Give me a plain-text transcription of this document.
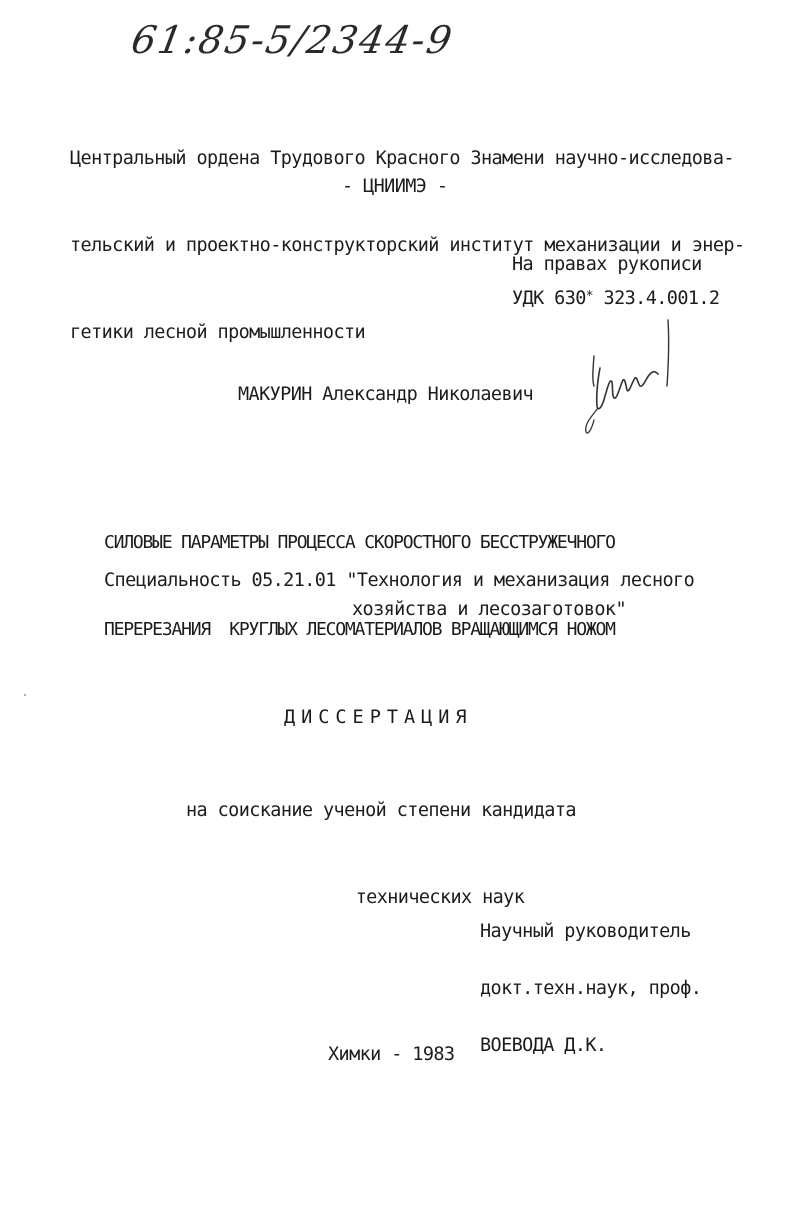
61:85-5/2344-9

Центральный ордена Трудового Красного Знамени научно-исследова-

тельский и проектно-конструкторский институт механизации и энер-

гетики лесной промышленности

- ЦНИИМЭ -
На правах рукописи
УДК 630* 323.4.001.2
МАКУРИН Александр Николаевич

СИЛОВЫЕ ПАРАМЕТРЫ ПРОЦЕССА СКОРОСТНОГО БЕССТРУЖЕЧНОГО

ПЕРЕРЕЗАНИЯ  КРУГЛЫХ ЛЕСОМАТЕРИАЛОВ ВРАЩАЮЩИМСЯ НОЖОМ

Специальность 05.21.01 "Технология и механизация лесного
хозяйства и лесозаготовок"
ДИССЕРТАЦИЯ

на соискание ученой степени кандидата

технических наук

Научный руководитель

докт.техн.наук, проф.

ВОЕВОДА Д.К.

Химки - 1983
